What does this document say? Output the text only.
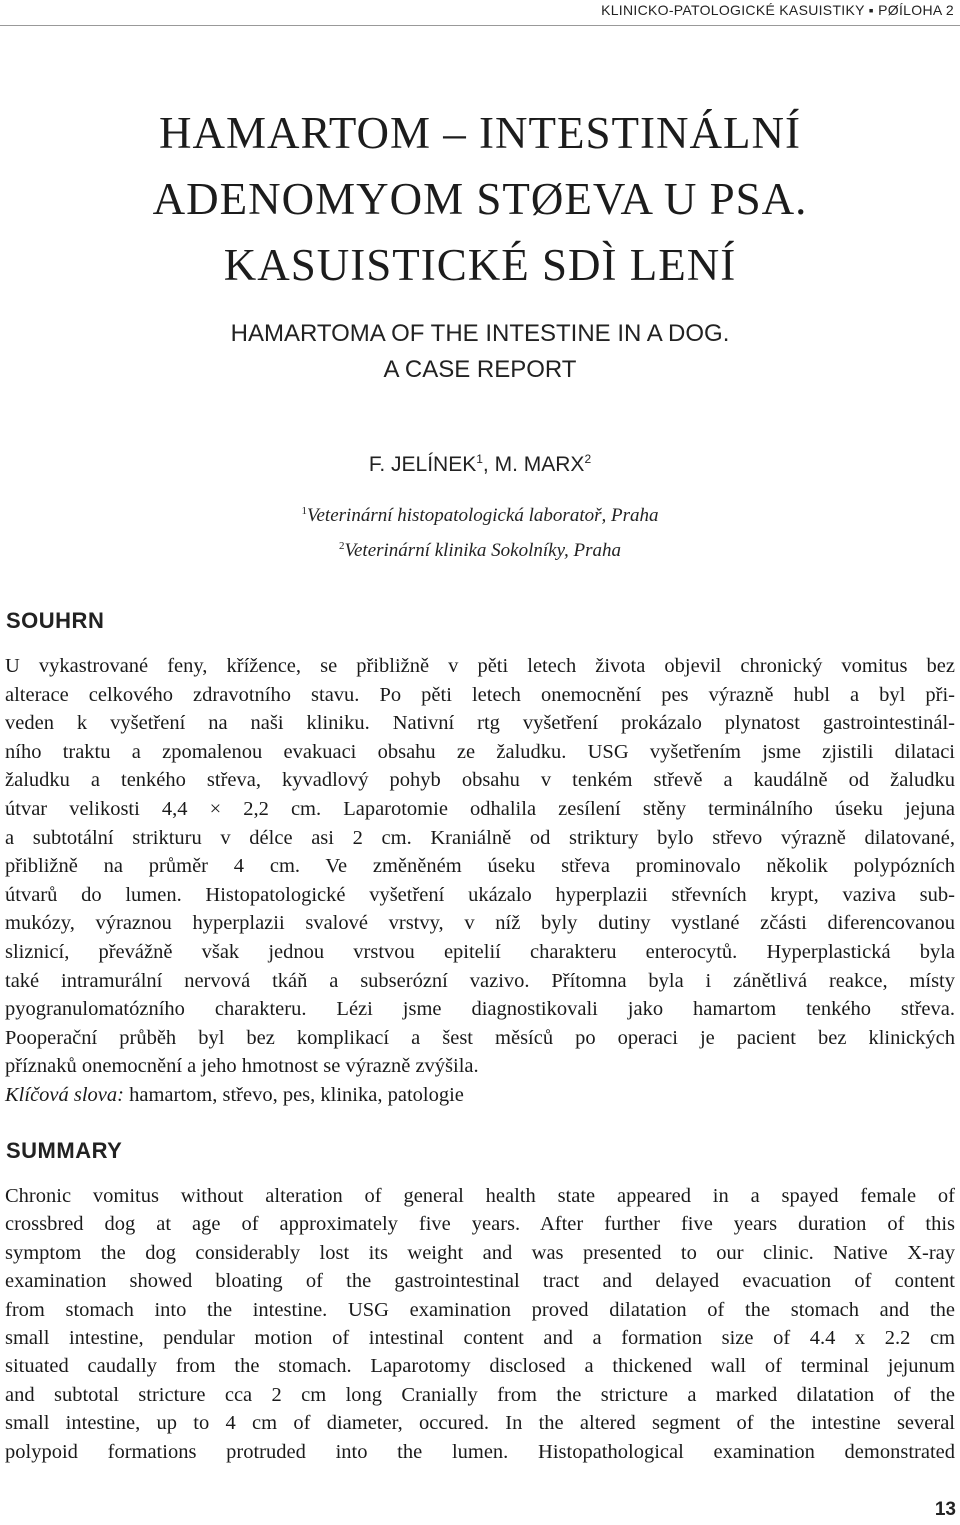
KLINICKO-PATOLOGICKÉ KASUISTIKY ▪ PØÍLOHA 2
HAMARTOM – INTESTINÁLNÍ
ADENOMYOM STØEVA U PSA.
KASUISTICKÉ SDÌ LENÍ
HAMARTOMA OF THE INTESTINE IN A DOG.
A CASE REPORT
F. JELÍNEK$^1$, M. MARX$^2$
$^1$Veterinární histopatologická laboratoř, Praha
$^2$Veterinární klinika Sokolníky, Praha
SOUHRN
U vykastrované feny, křížence, se přibližně v pěti letech života objevil chronický vomitus bez
alterace celkového zdravotního stavu. Po pěti letech onemocnění pes výrazně hubl a byl při-
veden k vyšetření na naši kliniku. Nativní rtg vyšetření prokázalo plynatost gastrointestinál-
ního traktu a zpomalenou evakuaci obsahu ze žaludku. USG vyšetřením jsme zjistili dilataci
žaludku a tenkého střeva, kyvadlový pohyb obsahu v tenkém střevě a kaudálně od žaludku
útvar velikosti 4,4 × 2,2 cm. Laparotomie odhalila zesílení stěny terminálního úseku jejuna
a subtotální strikturu v délce asi 2 cm. Kraniálně od striktury bylo střevo výrazně dilatované,
přibližně na průměr 4 cm. Ve změněném úseku střeva prominovalo několik polypózních
útvarů do lumen. Histopatologické vyšetření ukázalo hyperplazii střevních krypt, vaziva sub-
mukózy, výraznou hyperplazii svalové vrstvy, v níž byly dutiny vystlané zčásti diferencovanou
sliznicí, převážně však jednou vrstvou epitelií charakteru enterocytů. Hyperplastická byla
také intramurální nervová tkáň a subserózní vazivo. Přítomna byla i zánětlivá reakce, místy
pyogranulomatózního charakteru. Lézi jsme diagnostikovali jako hamartom tenkého střeva.
Pooperační průběh byl bez komplikací a šest měsíců po operaci je pacient bez klinických
příznaků onemocnění a jeho hmotnost se výrazně zvýšila.
Klíčová slova: hamartom, střevo, pes, klinika, patologie
SUMMARY
Chronic vomitus without alteration of general health state appeared in a spayed female of
crossbred dog at age of approximately five years. After further five years duration of this
symptom the dog considerably lost its weight and was presented to our clinic. Native X-ray
examination showed bloating of the gastrointestinal tract and delayed evacuation of content
from stomach into the intestine. USG examination proved dilatation of the stomach and the
small intestine, pendular motion of intestinal content and a formation size of 4.4 x 2.2 cm
situated caudally from the stomach. Laparotomy disclosed a thickened wall of terminal jejunum
and subtotal stricture cca 2 cm long Cranially from the stricture a marked dilatation of the
small intestine, up to 4 cm of diameter, occured. In the altered segment of the intestine several
polypoid formations protruded into the lumen. Histopathological examination demonstrated
13
